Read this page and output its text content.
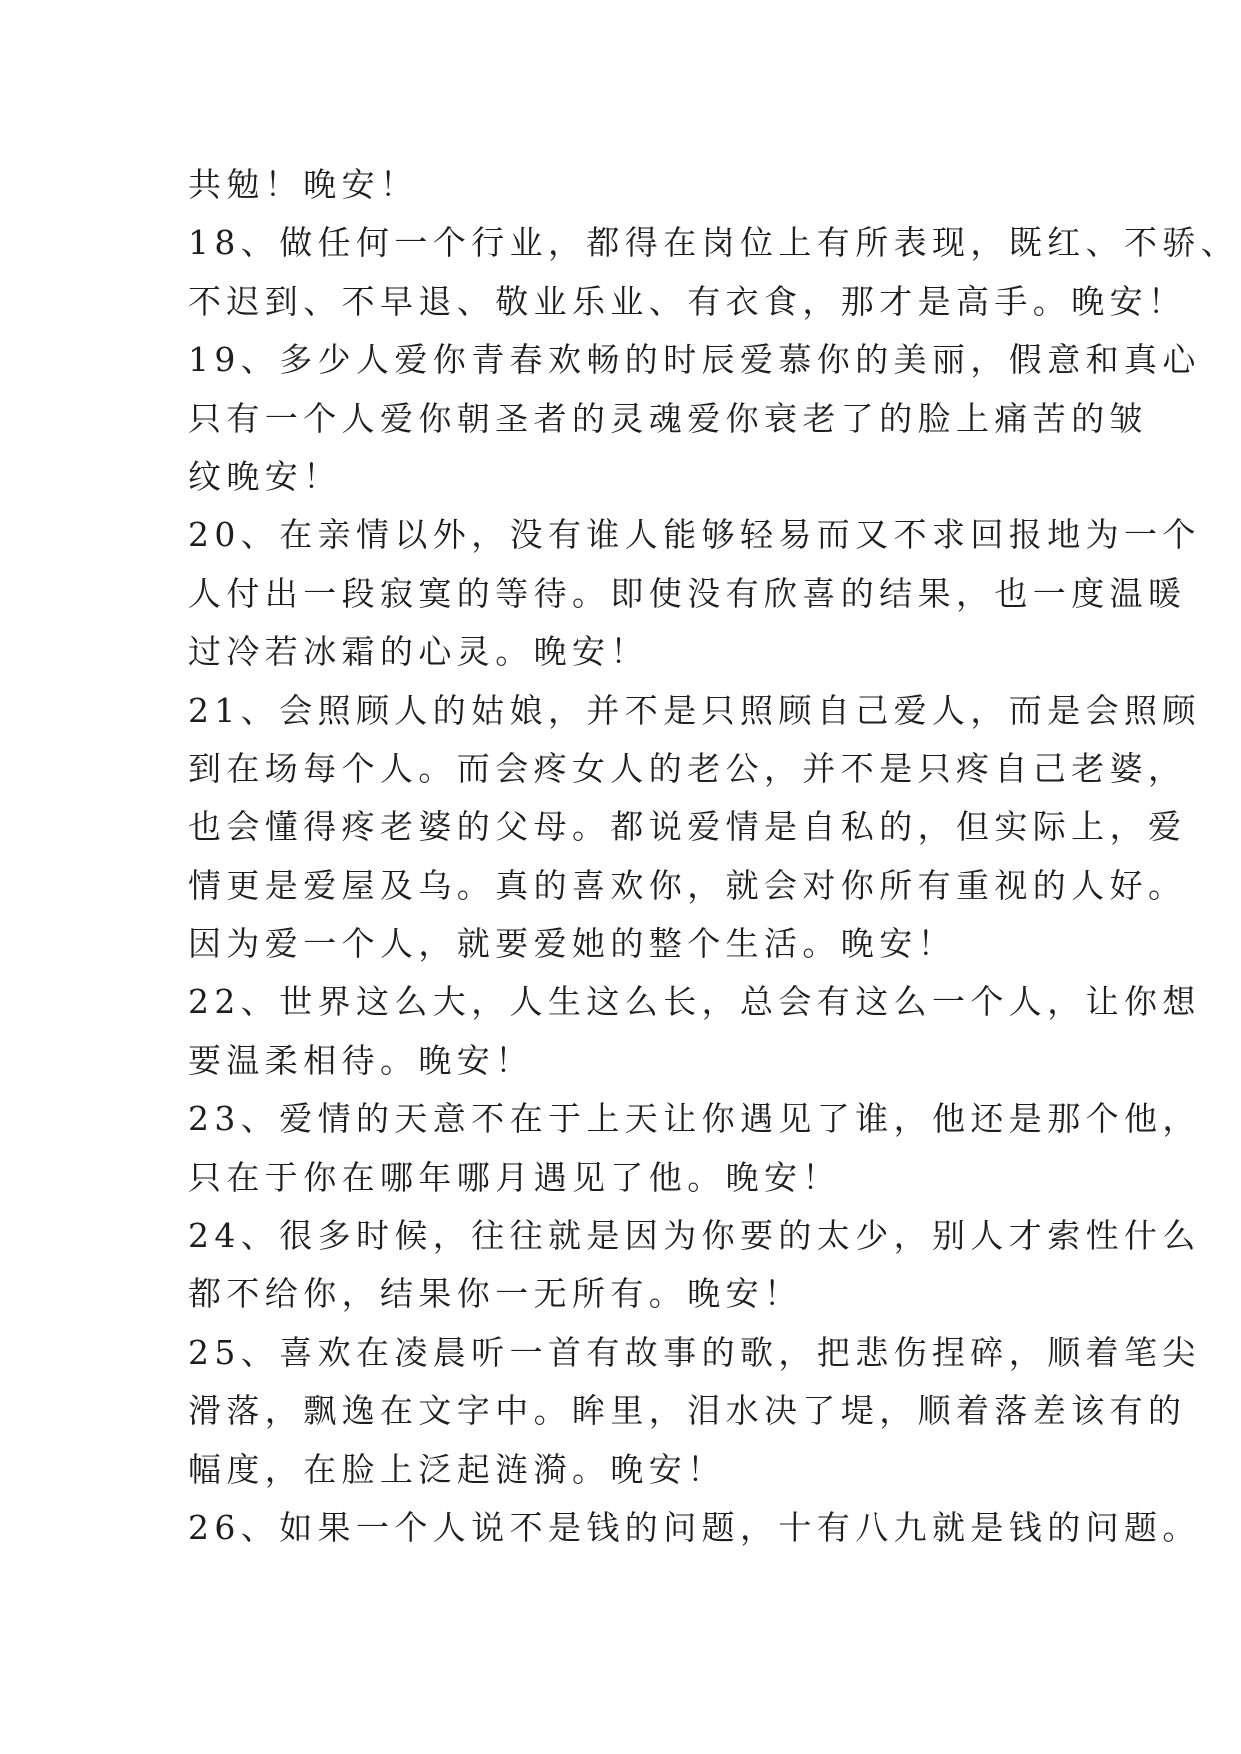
共勉！晚安！
18、做任何一个行业，都得在岗位上有所表现，既红、不骄、
不迟到、不早退、敬业乐业、有衣食，那才是高手。晚安！
19、多少人爱你青春欢畅的时辰爱慕你的美丽，假意和真心
只有一个人爱你朝圣者的灵魂爱你衰老了的脸上痛苦的皱
纹晚安！
20、在亲情以外，没有谁人能够轻易而又不求回报地为一个
人付出一段寂寞的等待。即使没有欣喜的结果，也一度温暖
过冷若冰霜的心灵。晚安！
21、会照顾人的姑娘，并不是只照顾自己爱人，而是会照顾
到在场每个人。而会疼女人的老公，并不是只疼自己老婆，
也会懂得疼老婆的父母。都说爱情是自私的，但实际上，爱
情更是爱屋及乌。真的喜欢你，就会对你所有重视的人好。
因为爱一个人，就要爱她的整个生活。晚安！
22、世界这么大，人生这么长，总会有这么一个人，让你想
要温柔相待。晚安！
23、爱情的天意不在于上天让你遇见了谁，他还是那个他，
只在于你在哪年哪月遇见了他。晚安！
24、很多时候，往往就是因为你要的太少，别人才索性什么
都不给你，结果你一无所有。晚安！
25、喜欢在凌晨听一首有故事的歌，把悲伤捏碎，顺着笔尖
滑落，飘逸在文字中。眸里，泪水决了堤，顺着落差该有的
幅度，在脸上泛起涟漪。晚安！
26、如果一个人说不是钱的问题，十有八九就是钱的问题。
